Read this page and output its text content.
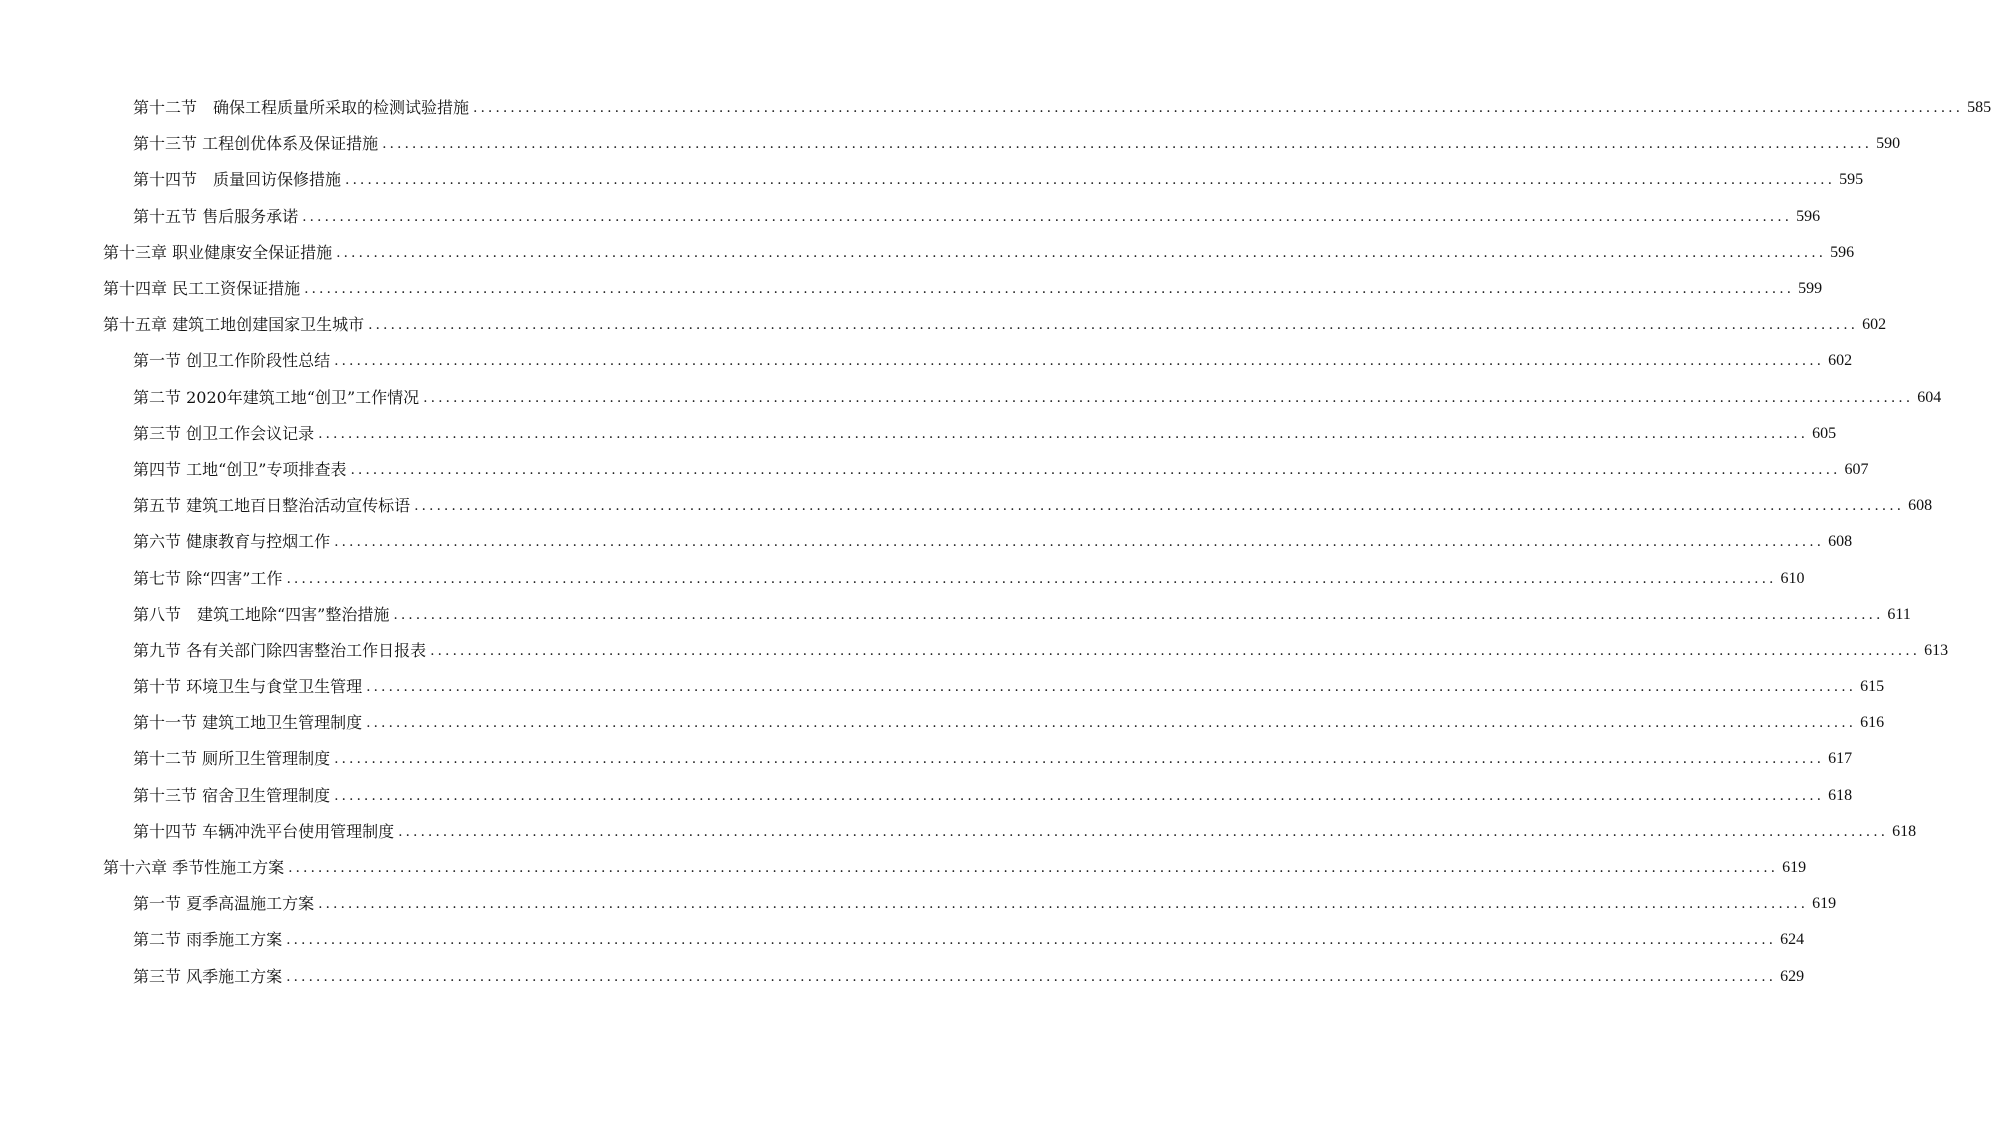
第十二节　确保工程质量所采取的检测试验措施 ........................................................................................................................................................................................................ 585
第十三节 工程创优体系及保证措施 ........................................................................................................................................................................................................ 590
第十四节　质量回访保修措施 ........................................................................................................................................................................................................ 595
第十五节 售后服务承诺 ........................................................................................................................................................................................................ 596
第十三章 职业健康安全保证措施 ........................................................................................................................................................................................................ 596
第十四章 民工工资保证措施 ........................................................................................................................................................................................................ 599
第十五章 建筑工地创建国家卫生城市 ........................................................................................................................................................................................................ 602
第一节 创卫工作阶段性总结 ........................................................................................................................................................................................................ 602
第二节 2020年建筑工地“创卫”工作情况 ........................................................................................................................................................................................................ 604
第三节 创卫工作会议记录 ........................................................................................................................................................................................................ 605
第四节 工地“创卫”专项排查表 ........................................................................................................................................................................................................ 607
第五节 建筑工地百日整治活动宣传标语 ........................................................................................................................................................................................................ 608
第六节 健康教育与控烟工作 ........................................................................................................................................................................................................ 608
第七节 除“四害”工作 ........................................................................................................................................................................................................ 610
第八节　建筑工地除“四害”整治措施 ........................................................................................................................................................................................................ 611
第九节 各有关部门除四害整治工作日报表 ........................................................................................................................................................................................................ 613
第十节 环境卫生与食堂卫生管理 ........................................................................................................................................................................................................ 615
第十一节 建筑工地卫生管理制度 ........................................................................................................................................................................................................ 616
第十二节 厕所卫生管理制度 ........................................................................................................................................................................................................ 617
第十三节 宿舍卫生管理制度 ........................................................................................................................................................................................................ 618
第十四节 车辆冲洗平台使用管理制度 ........................................................................................................................................................................................................ 618
第十六章 季节性施工方案 ........................................................................................................................................................................................................ 619
第一节 夏季高温施工方案 ........................................................................................................................................................................................................ 619
第二节 雨季施工方案 ........................................................................................................................................................................................................ 624
第三节 风季施工方案 ........................................................................................................................................................................................................ 629
